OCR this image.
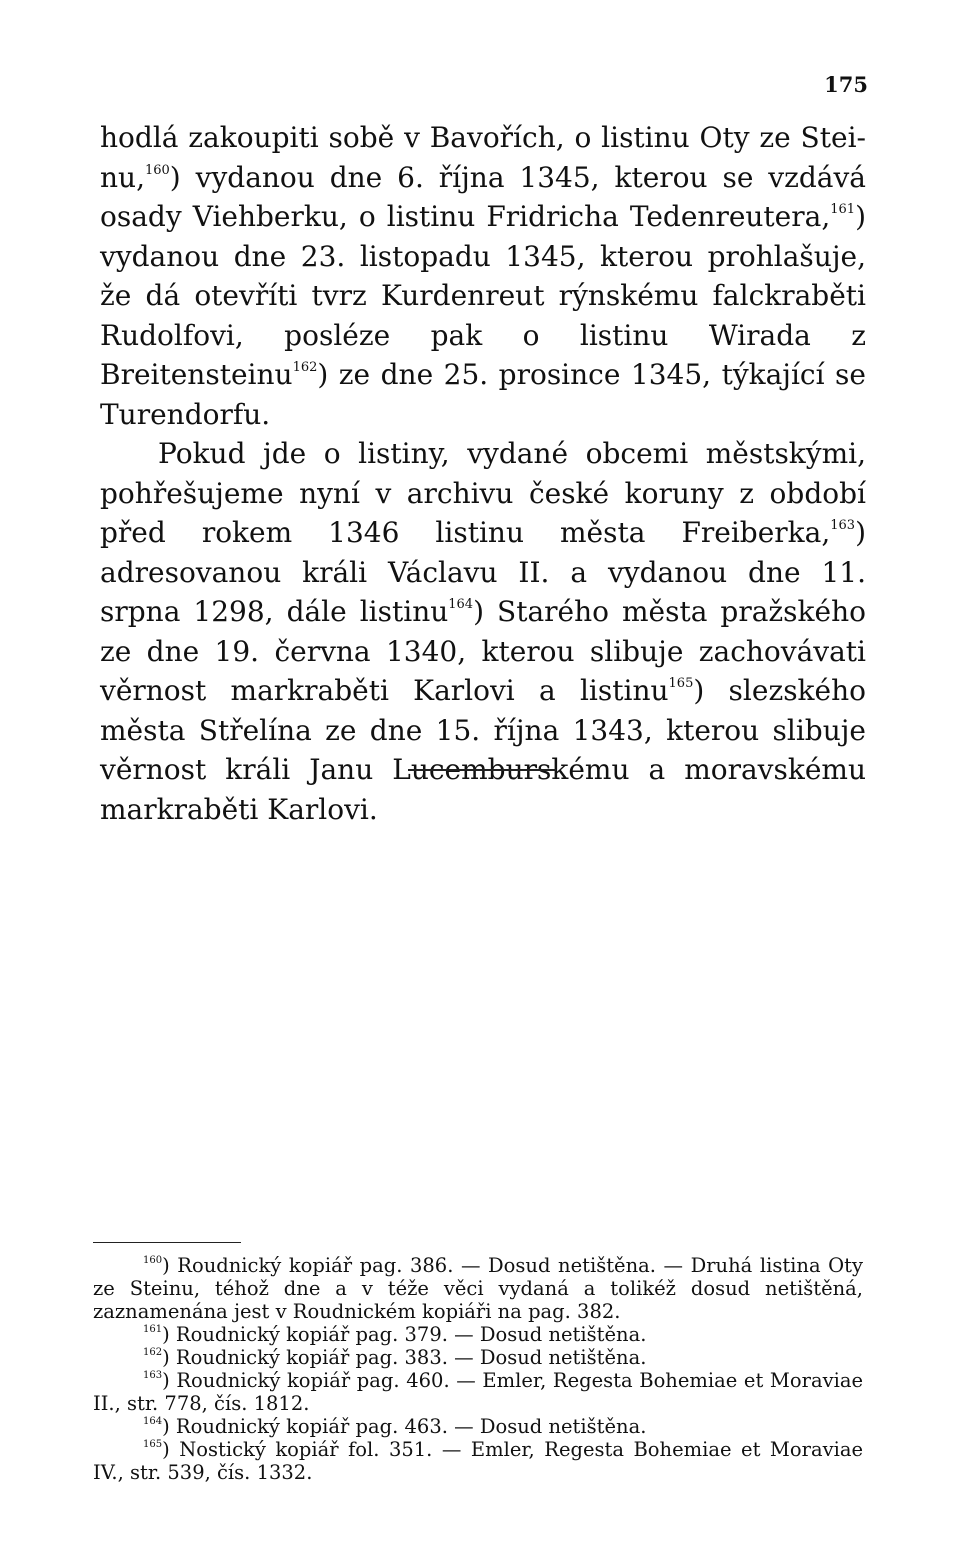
175

hodlá zakoupiti sobě v Bavořích, o listinu Oty ze Steinu,$^{160}$) vydanou dne 6. října 1345, kterou se vzdává osady Viehberku, o listinu Fridricha Tedenreutera,$^{161}$) vydanou dne 23. listopadu 1345, kterou prohlašuje, že dá otevříti tvrz Kurdenreut rýnskému falckraběti Rudolfovi, posléze pak o listinu Wirada z Breitensteinu$^{162}$) ze dne 25. prosince 1345, týkající se Turendorfu.

Pokud jde o listiny, vydané obcemi městskými, pohřešujeme nyní v archivu české koruny z období před rokem 1346 listinu města Freiberka,$^{163}$) adresovanou králi Václavu II. a vydanou dne 11. srpna 1298, dále listinu$^{164}$) Starého města pražského ze dne 19. června 1340, kterou slibuje zachovávati věrnost markraběti Karlovi a listinu$^{165}$) slezského města Střelína ze dne 15. října 1343, kterou slibuje věrnost králi Janu Lucemburskému a moravskému markraběti Karlovi.

$^{160}$) Roudnický kopiář pag. 386. — Dosud netištěna. — Druhá listina Oty ze Steinu, téhož dne a v téže věci vydaná a tolikéž dosud netištěná, zaznamenána jest v Roudnickém kopiáři na pag. 382.

$^{161}$) Roudnický kopiář pag. 379. — Dosud netištěna.

$^{162}$) Roudnický kopiář pag. 383. — Dosud netištěna.

$^{163}$) Roudnický kopiář pag. 460. — Emler, Regesta Bohemiae et Moraviae II., str. 778, čís. 1812.

$^{164}$) Roudnický kopiář pag. 463. — Dosud netištěna.

$^{165}$) Nostický kopiář fol. 351. — Emler, Regesta Bohemiae et Moraviae IV., str. 539, čís. 1332.
